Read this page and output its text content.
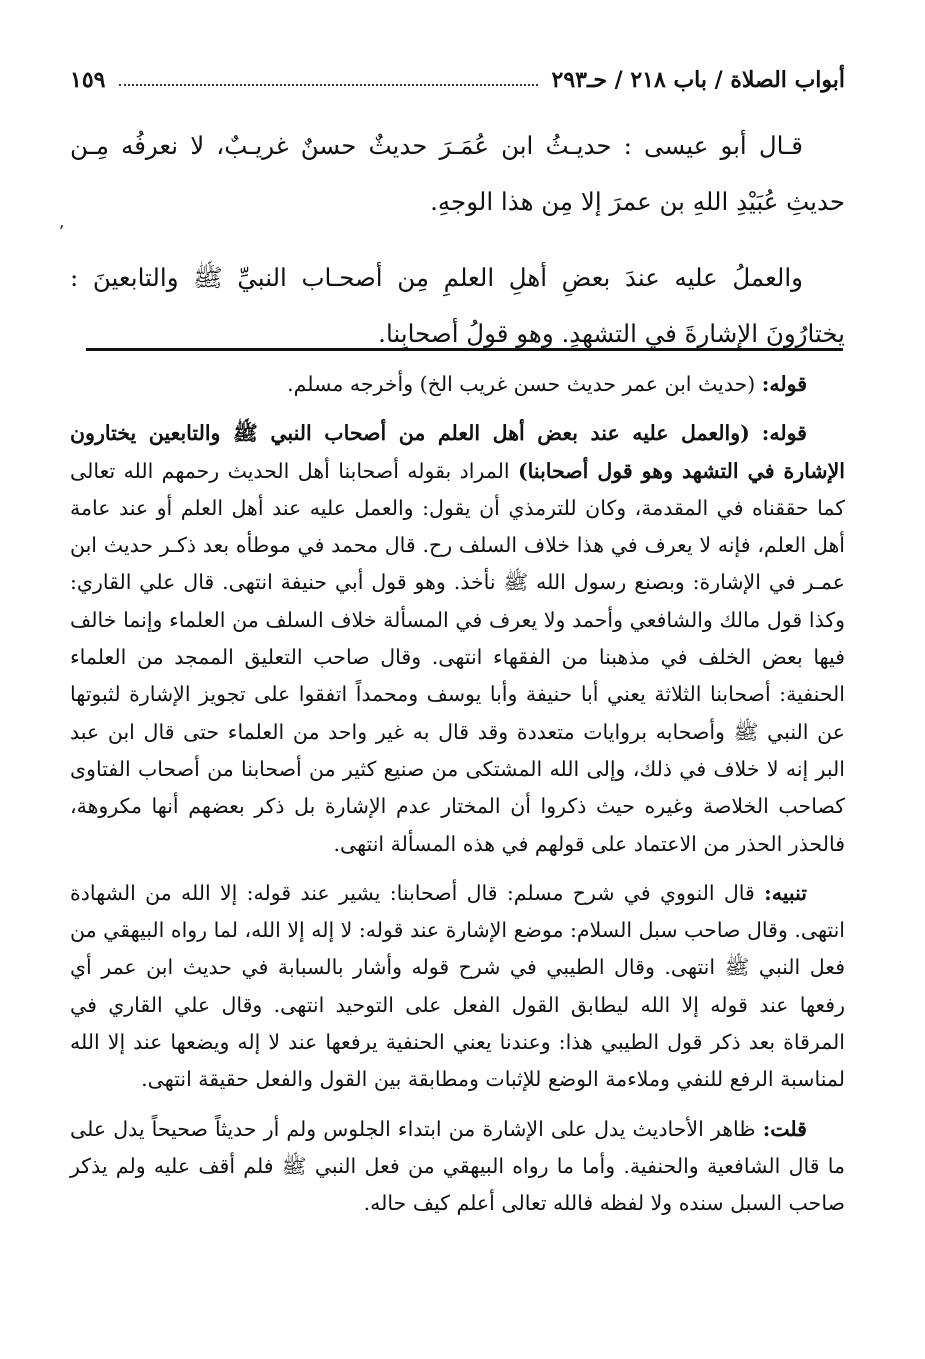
١٥٩	أبواب الصلاة / باب ٢١٨ / حـ٢٩٣
ʼ

قـال أبو عيسى : حديـثُ ابن عُمَـرَ حديثٌ حسنٌ غريـبٌ، لا نعرفُه مِـن حديثِ عُبَيْدِ اللهِ بن عمرَ إلا مِن هذا الوجهِ.

والعملُ عليه عندَ بعضِ أهلِ العلمِ مِن أصحـاب النبيِّ ﷺ والتابعينَ : يختارُونَ الإشارةَ في التشهدِ. وهو قولُ أصحابِنا.

قوله: (حديث ابن عمر حديث حسن غريب الخ) وأخرجه مسلم.

قوله: (والعمل عليه عند بعض أهل العلم من أصحاب النبي ﷺ والتابعين يختارون الإشارة في التشهد وهو قول أصحابنا) المراد بقوله أصحابنا أهل الحديث رحمهم الله تعالى كما حققناه في المقدمة، وكان للترمذي أن يقول: والعمل عليه عند أهل العلم أو عند عامة أهل العلم، فإنه لا يعرف في هذا خلاف السلف رح. قال محمد في موطأه بعد ذكـر حديث ابن عمـر في الإشارة: وبصنع رسول الله ﷺ نأخذ. وهو قول أبي حنيفة انتهى. قال علي القاري: وكذا قول مالك والشافعي وأحمد ولا يعرف في المسألة خلاف السلف من العلماء وإنما خالف فيها بعض الخلف في مذهبنا من الفقهاء انتهى. وقال صاحب التعليق الممجد من العلماء الحنفية: أصحابنا الثلاثة يعني أبا حنيفة وأبا يوسف ومحمداً اتفقوا على تجويز الإشارة لثبوتها عن النبي ﷺ وأصحابه بروايات متعددة وقد قال به غير واحد من العلماء حتى قال ابن عبد البر إنه لا خلاف في ذلك، وإلى الله المشتكى من صنيع كثير من أصحابنا من أصحاب الفتاوى كصاحب الخلاصة وغيره حيث ذكروا أن المختار عدم الإشارة بل ذكر بعضهم أنها مكروهة، فالحذر الحذر من الاعتماد على قولهم في هذه المسألة انتهى.

تنبيه: قال النووي في شرح مسلم: قال أصحابنا: يشير عند قوله: إلا الله من الشهادة انتهى. وقال صاحب سبل السلام: موضع الإشارة عند قوله: لا إله إلا الله، لما رواه البيهقي من فعل النبي ﷺ انتهى. وقال الطيبي في شرح قوله وأشار بالسبابة في حديث ابن عمر أي رفعها عند قوله إلا الله ليطابق القول الفعل على التوحيد انتهى. وقال علي القاري في المرقاة بعد ذكر قول الطيبي هذا: وعندنا يعني الحنفية يرفعها عند لا إله ويضعها عند إلا الله لمناسبة الرفع للنفي وملاءمة الوضع للإثبات ومطابقة بين القول والفعل حقيقة انتهى.

قلت: ظاهر الأحاديث يدل على الإشارة من ابتداء الجلوس ولم أر حديثاً صحيحاً يدل على ما قال الشافعية والحنفية. وأما ما رواه البيهقي من فعل النبي ﷺ فلم أقف عليه ولم يذكر صاحب السبل سنده ولا لفظه فالله تعالى أعلم كيف حاله.
